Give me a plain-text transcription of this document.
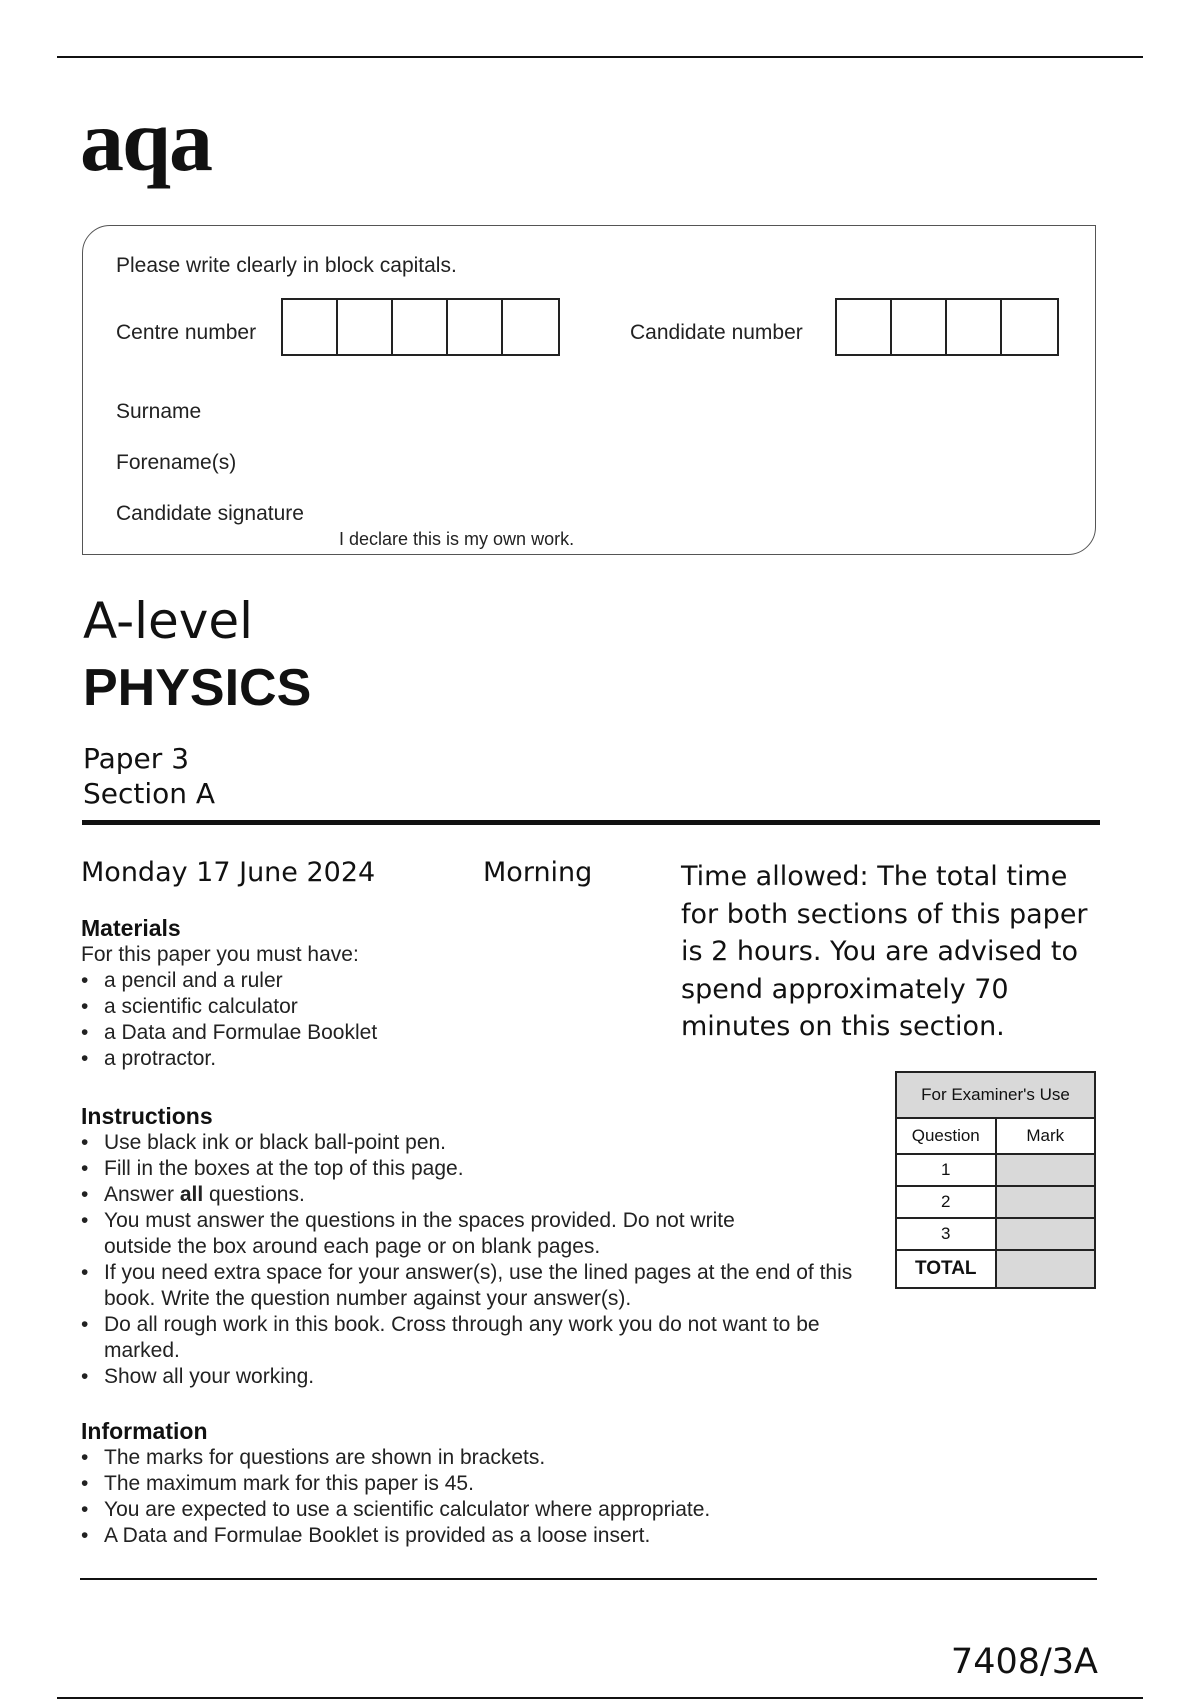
aqa
Please write clearly in block capitals.
Centre number	Candidate number
Surname
Forename(s)
Candidate signature
I declare this is my own work.
A-level
PHYSICS
Paper 3
Section A
Monday 17 June 2024	Morning	Time allowed: The total time for both sections of this paper is 2 hours. You are advised to spend approximately 70 minutes on this section.
Materials
For this paper you must have:
• a pencil and a ruler
• a scientific calculator
• a Data and Formulae Booklet
• a protractor.
Instructions
• Use black ink or black ball-point pen.
• Fill in the boxes at the top of this page.
• Answer all questions.
• You must answer the questions in the spaces provided. Do not write outside the box around each page or on blank pages.
• If you need extra space for your answer(s), use the lined pages at the end of this book. Write the question number against your answer(s).
• Do all rough work in this book. Cross through any work you do not want to be marked.
• Show all your working.
Information
• The marks for questions are shown in brackets.
• The maximum mark for this paper is 45.
• You are expected to use a scientific calculator where appropriate.
• A Data and Formulae Booklet is provided as a loose insert.
For Examiner's Use	
Question	Mark
1	
2	
3	
TOTAL	
7408/3A
